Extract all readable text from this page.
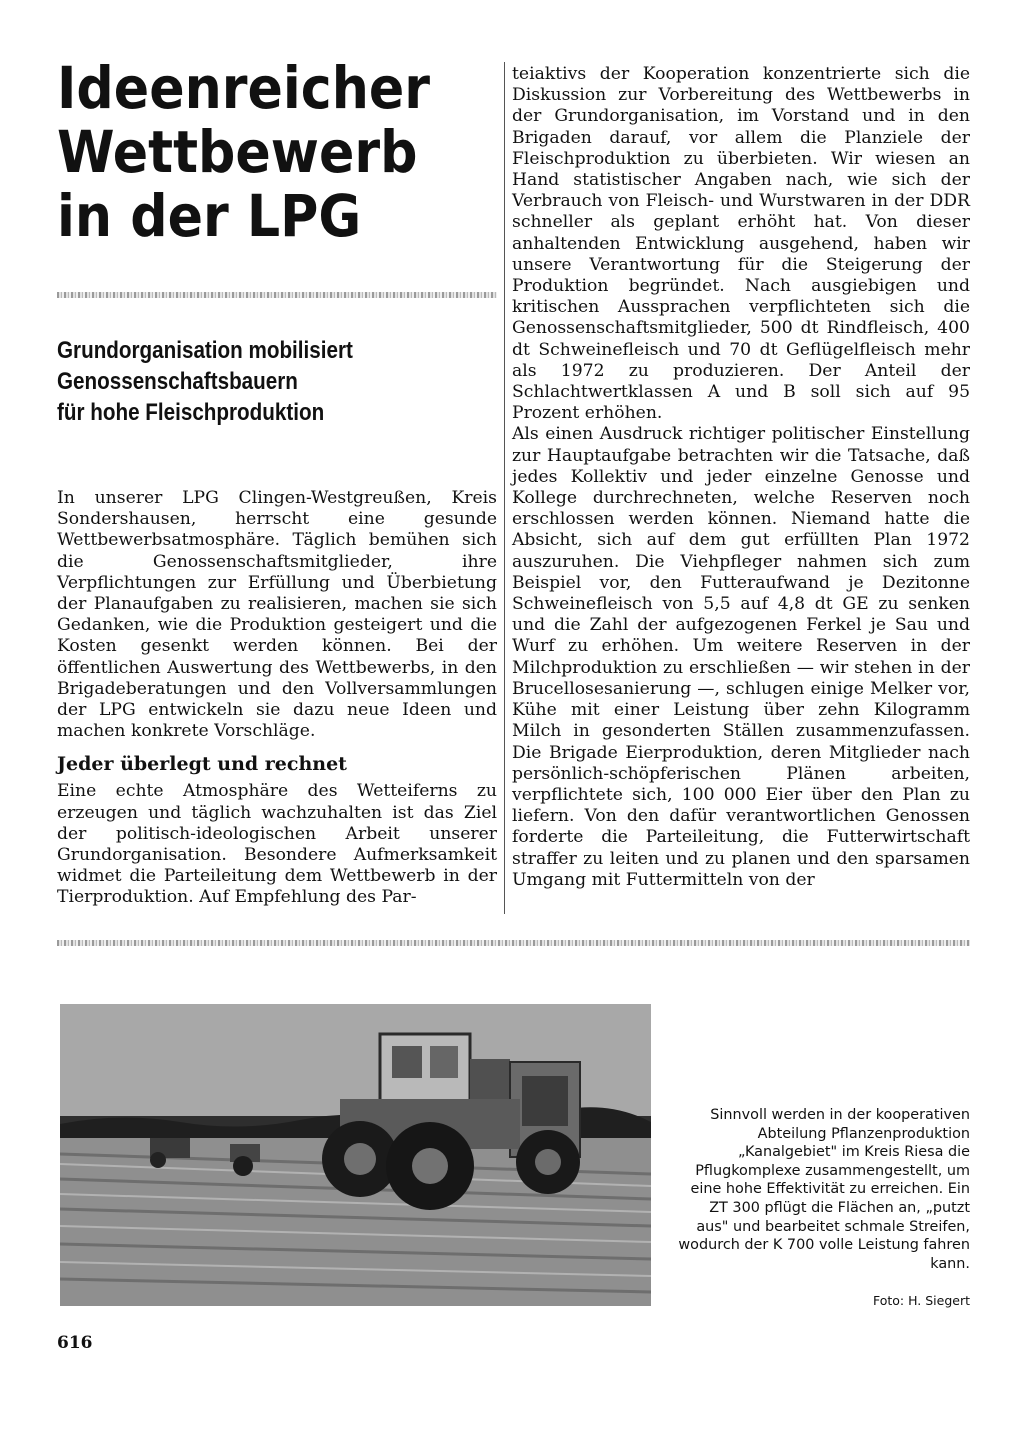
Ideenreicher
Wettbewerb
in der LPG
Grundorganisation mobilisiert
Genossenschaftsbauern
für hohe Fleischproduktion

In unserer LPG Clingen-Westgreußen, Kreis Sondershausen, herrscht eine gesunde Wettbewerbsatmosphäre. Täglich bemühen sich die Genossenschaftsmitglieder, ihre Verpflichtungen zur Erfüllung und Überbietung der Planaufgaben zu realisieren, machen sie sich Gedanken, wie die Produktion gesteigert und die Kosten gesenkt werden können. Bei der öffentlichen Auswertung des Wettbewerbs, in den Brigadeberatungen und den Vollversammlungen der LPG entwickeln sie dazu neue Ideen und machen konkrete Vorschläge.

Jeder überlegt und rechnet

Eine echte Atmosphäre des Wetteiferns zu erzeugen und täglich wachzuhalten ist das Ziel der politisch-ideologischen Arbeit unserer Grundorganisation. Besondere Aufmerksamkeit widmet die Parteileitung dem Wettbewerb in der Tierproduktion. Auf Empfehlung des Par-

teiaktivs der Kooperation konzentrierte sich die Diskussion zur Vorbereitung des Wettbewerbs in der Grundorganisation, im Vorstand und in den Brigaden darauf, vor allem die Planziele der Fleischproduktion zu überbieten. Wir wiesen an Hand statistischer Angaben nach, wie sich der Verbrauch von Fleisch- und Wurstwaren in der DDR schneller als geplant erhöht hat. Von dieser anhaltenden Entwicklung ausgehend, haben wir unsere Verantwortung für die Steigerung der Produktion begründet. Nach ausgiebigen und kritischen Aussprachen verpflichteten sich die Genossenschaftsmitglieder, 500 dt Rindfleisch, 400 dt Schweinefleisch und 70 dt Geflügelfleisch mehr als 1972 zu produzieren. Der Anteil der Schlachtwertklassen A und B soll sich auf 95 Prozent erhöhen.

Als einen Ausdruck richtiger politischer Einstellung zur Hauptaufgabe betrachten wir die Tatsache, daß jedes Kollektiv und jeder einzelne Genosse und Kollege durchrechneten, welche Reserven noch erschlossen werden können. Niemand hatte die Absicht, sich auf dem gut erfüllten Plan 1972 auszuruhen. Die Viehpfleger nahmen sich zum Beispiel vor, den Futteraufwand je Dezitonne Schweinefleisch von 5,5 auf 4,8 dt GE zu senken und die Zahl der aufgezogenen Ferkel je Sau und Wurf zu erhöhen. Um weitere Reserven in der Milchproduktion zu erschließen — wir stehen in der Brucellosesanierung —, schlugen einige Melker vor, Kühe mit einer Leistung über zehn Kilogramm Milch in gesonderten Ställen zusammenzufassen. Die Brigade Eierproduktion, deren Mitglieder nach persönlich-schöpferischen Plänen arbeiten, verpflichtete sich, 100 000 Eier über den Plan zu liefern. Von den dafür verantwortlichen Genossen forderte die Parteileitung, die Futterwirtschaft straffer zu leiten und zu planen und den sparsamen Umgang mit Futtermitteln von der

Sinnvoll werden in der kooperativen Abteilung Pflanzenproduktion „Kanalgebiet" im Kreis Riesa die Pflugkomplexe zusammengestellt, um eine hohe Effektivität zu erreichen. Ein ZT 300 pflügt die Flächen an, „putzt aus" und bearbeitet schmale Streifen, wodurch der K 700 volle Leistung fahren kann.
Foto: H. Siegert
616
